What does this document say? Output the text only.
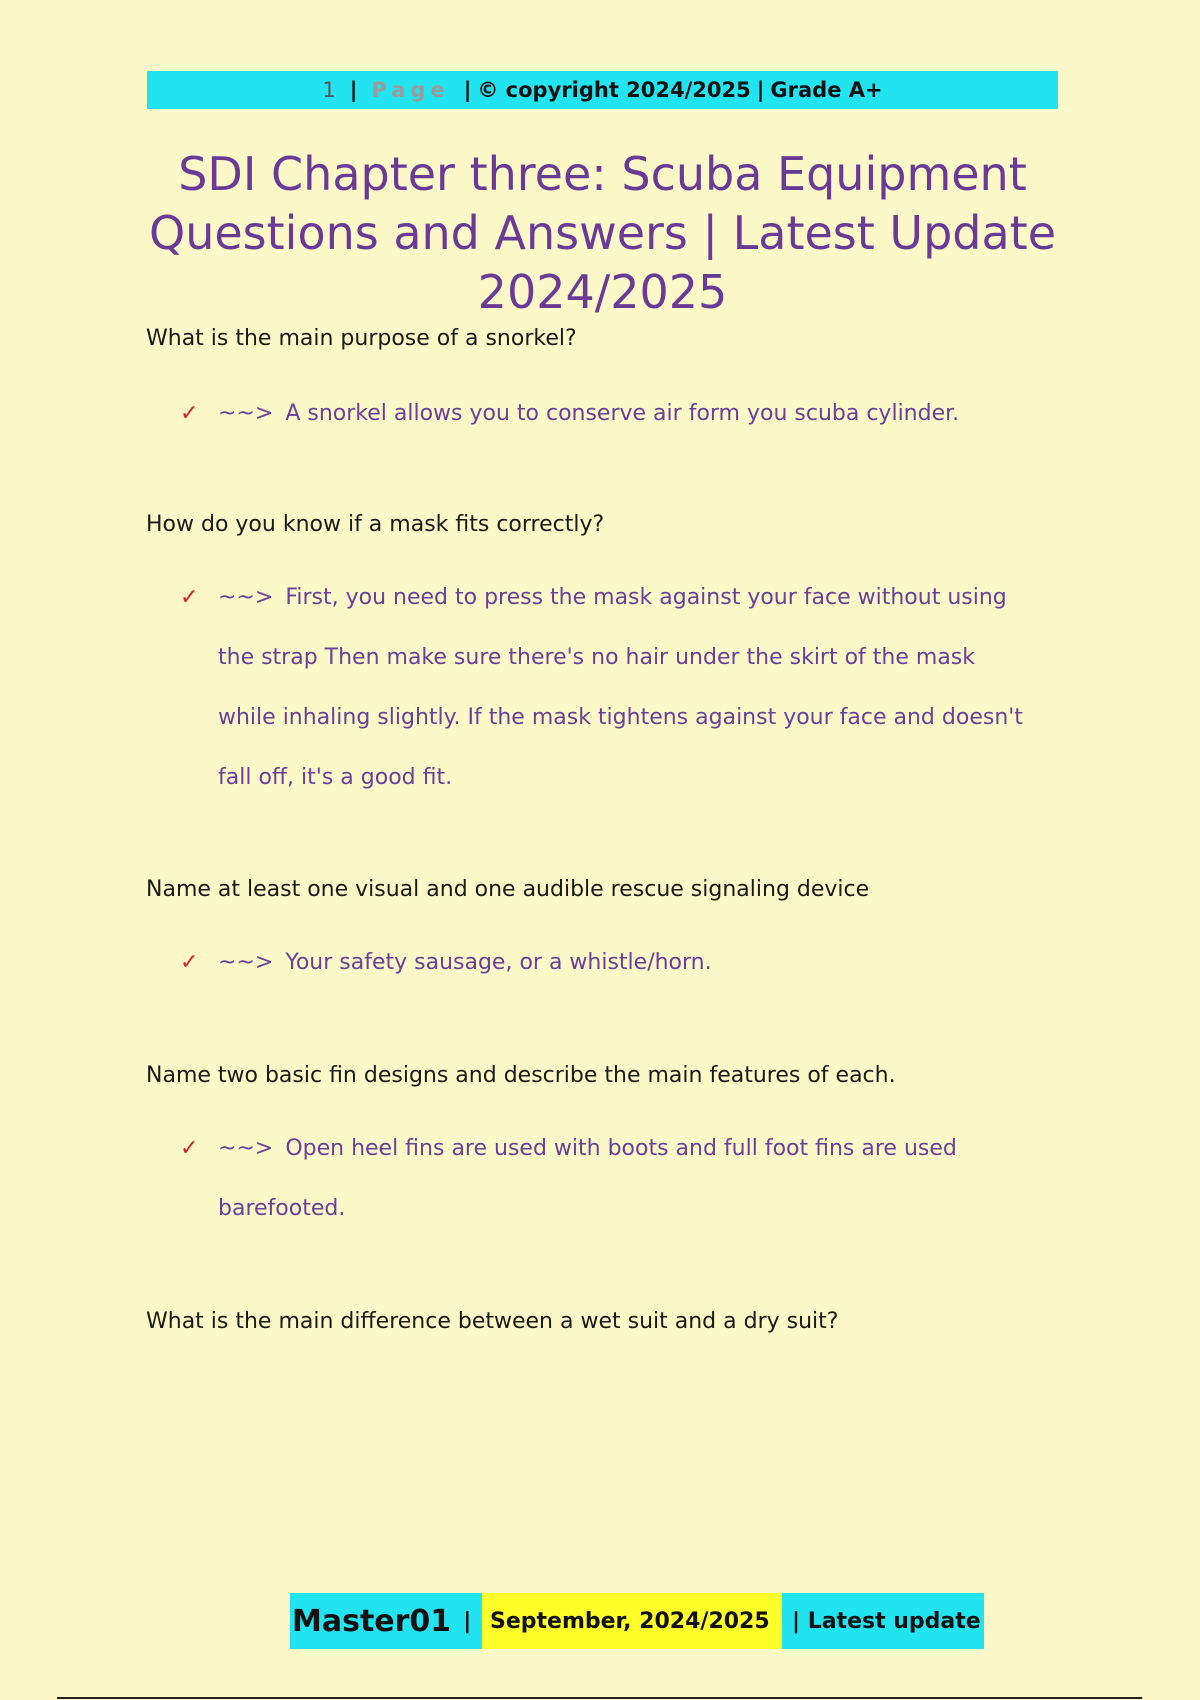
1 | Page | © copyright 2024/2025 | Grade A+
SDI Chapter three: Scuba Equipment Questions and Answers | Latest Update 2024/2025

What is the main purpose of a snorkel?

✓ ~~> A snorkel allows you to conserve air form you scuba cylinder.

How do you know if a mask fits correctly?

✓ ~~> First, you need to press the mask against your face without using the strap Then make sure there's no hair under the skirt of the mask while inhaling slightly. If the mask tightens against your face and doesn't fall off, it's a good fit.

Name at least one visual and one audible rescue signaling device

✓ ~~> Your safety sausage, or a whistle/horn.

Name two basic fin designs and describe the main features of each.

✓ ~~> Open heel fins are used with boots and full foot fins are used barefooted.

What is the main difference between a wet suit and a dry suit?

Master01 | September, 2024/2025 | Latest update
